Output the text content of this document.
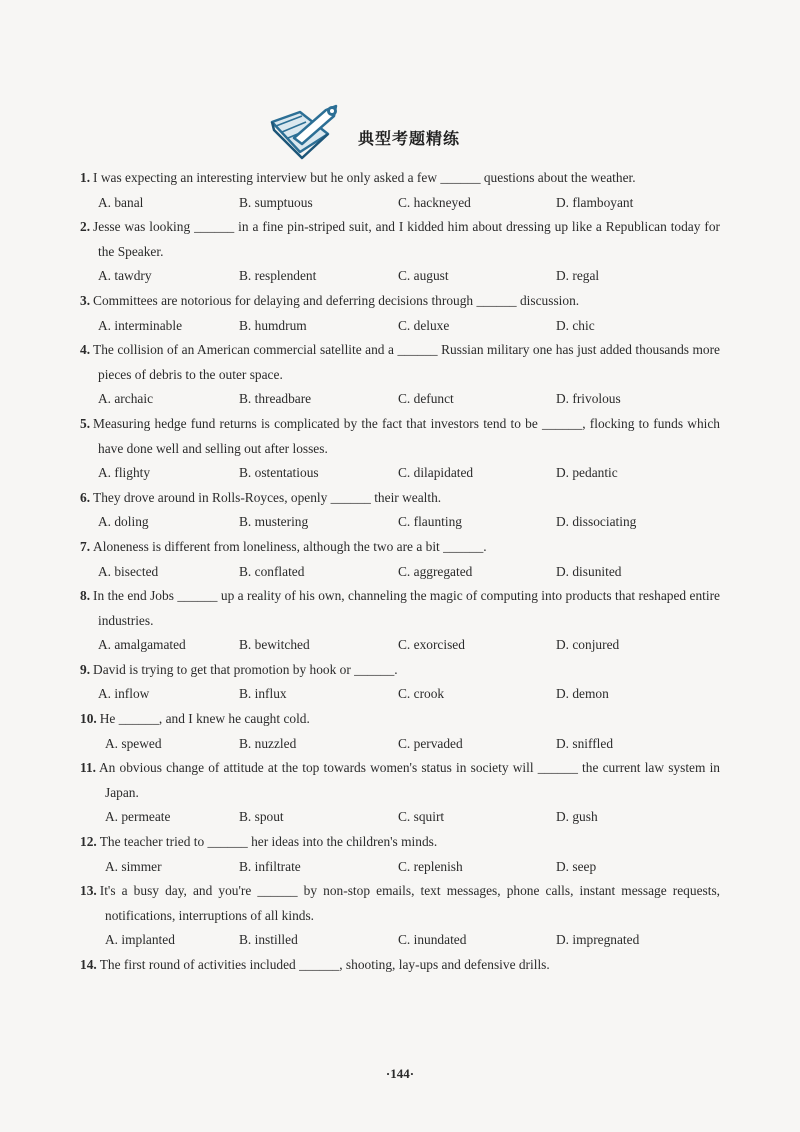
典型考题精练
1. I was expecting an interesting interview but he only asked a few ______ questions about the weather.
A. banal	B. sumptuous	C. hackneyed	D. flamboyant
2. Jesse was looking ______ in a fine pin-striped suit, and I kidded him about dressing up like a Republican today for the Speaker.
A. tawdry	B. resplendent	C. august	D. regal
3. Committees are notorious for delaying and deferring decisions through ______ discussion.
A. interminable	B. humdrum	C. deluxe	D. chic
4. The collision of an American commercial satellite and a ______ Russian military one has just added thousands more pieces of debris to the outer space.
A. archaic	B. threadbare	C. defunct	D. frivolous
5. Measuring hedge fund returns is complicated by the fact that investors tend to be ______, flocking to funds which have done well and selling out after losses.
A. flighty	B. ostentatious	C. dilapidated	D. pedantic
6. They drove around in Rolls-Royces, openly ______ their wealth.
A. doling	B. mustering	C. flaunting	D. dissociating
7. Aloneness is different from loneliness, although the two are a bit ______.
A. bisected	B. conflated	C. aggregated	D. disunited
8. In the end Jobs ______ up a reality of his own, channeling the magic of computing into products that reshaped entire industries.
A. amalgamated	B. bewitched	C. exorcised	D. conjured
9. David is trying to get that promotion by hook or ______.
A. inflow	B. influx	C. crook	D. demon
10. He ______, and I knew he caught cold.
A. spewed	B. nuzzled	C. pervaded	D. sniffled
11. An obvious change of attitude at the top towards women's status in society will ______ the current law system in Japan.
A. permeate	B. spout	C. squirt	D. gush
12. The teacher tried to ______ her ideas into the children's minds.
A. simmer	B. infiltrate	C. replenish	D. seep
13. It's a busy day, and you're ______ by non-stop emails, text messages, phone calls, instant message requests, notifications, interruptions of all kinds.
A. implanted	B. instilled	C. inundated	D. impregnated
14. The first round of activities included ______, shooting, lay-ups and defensive drills.
·144·
